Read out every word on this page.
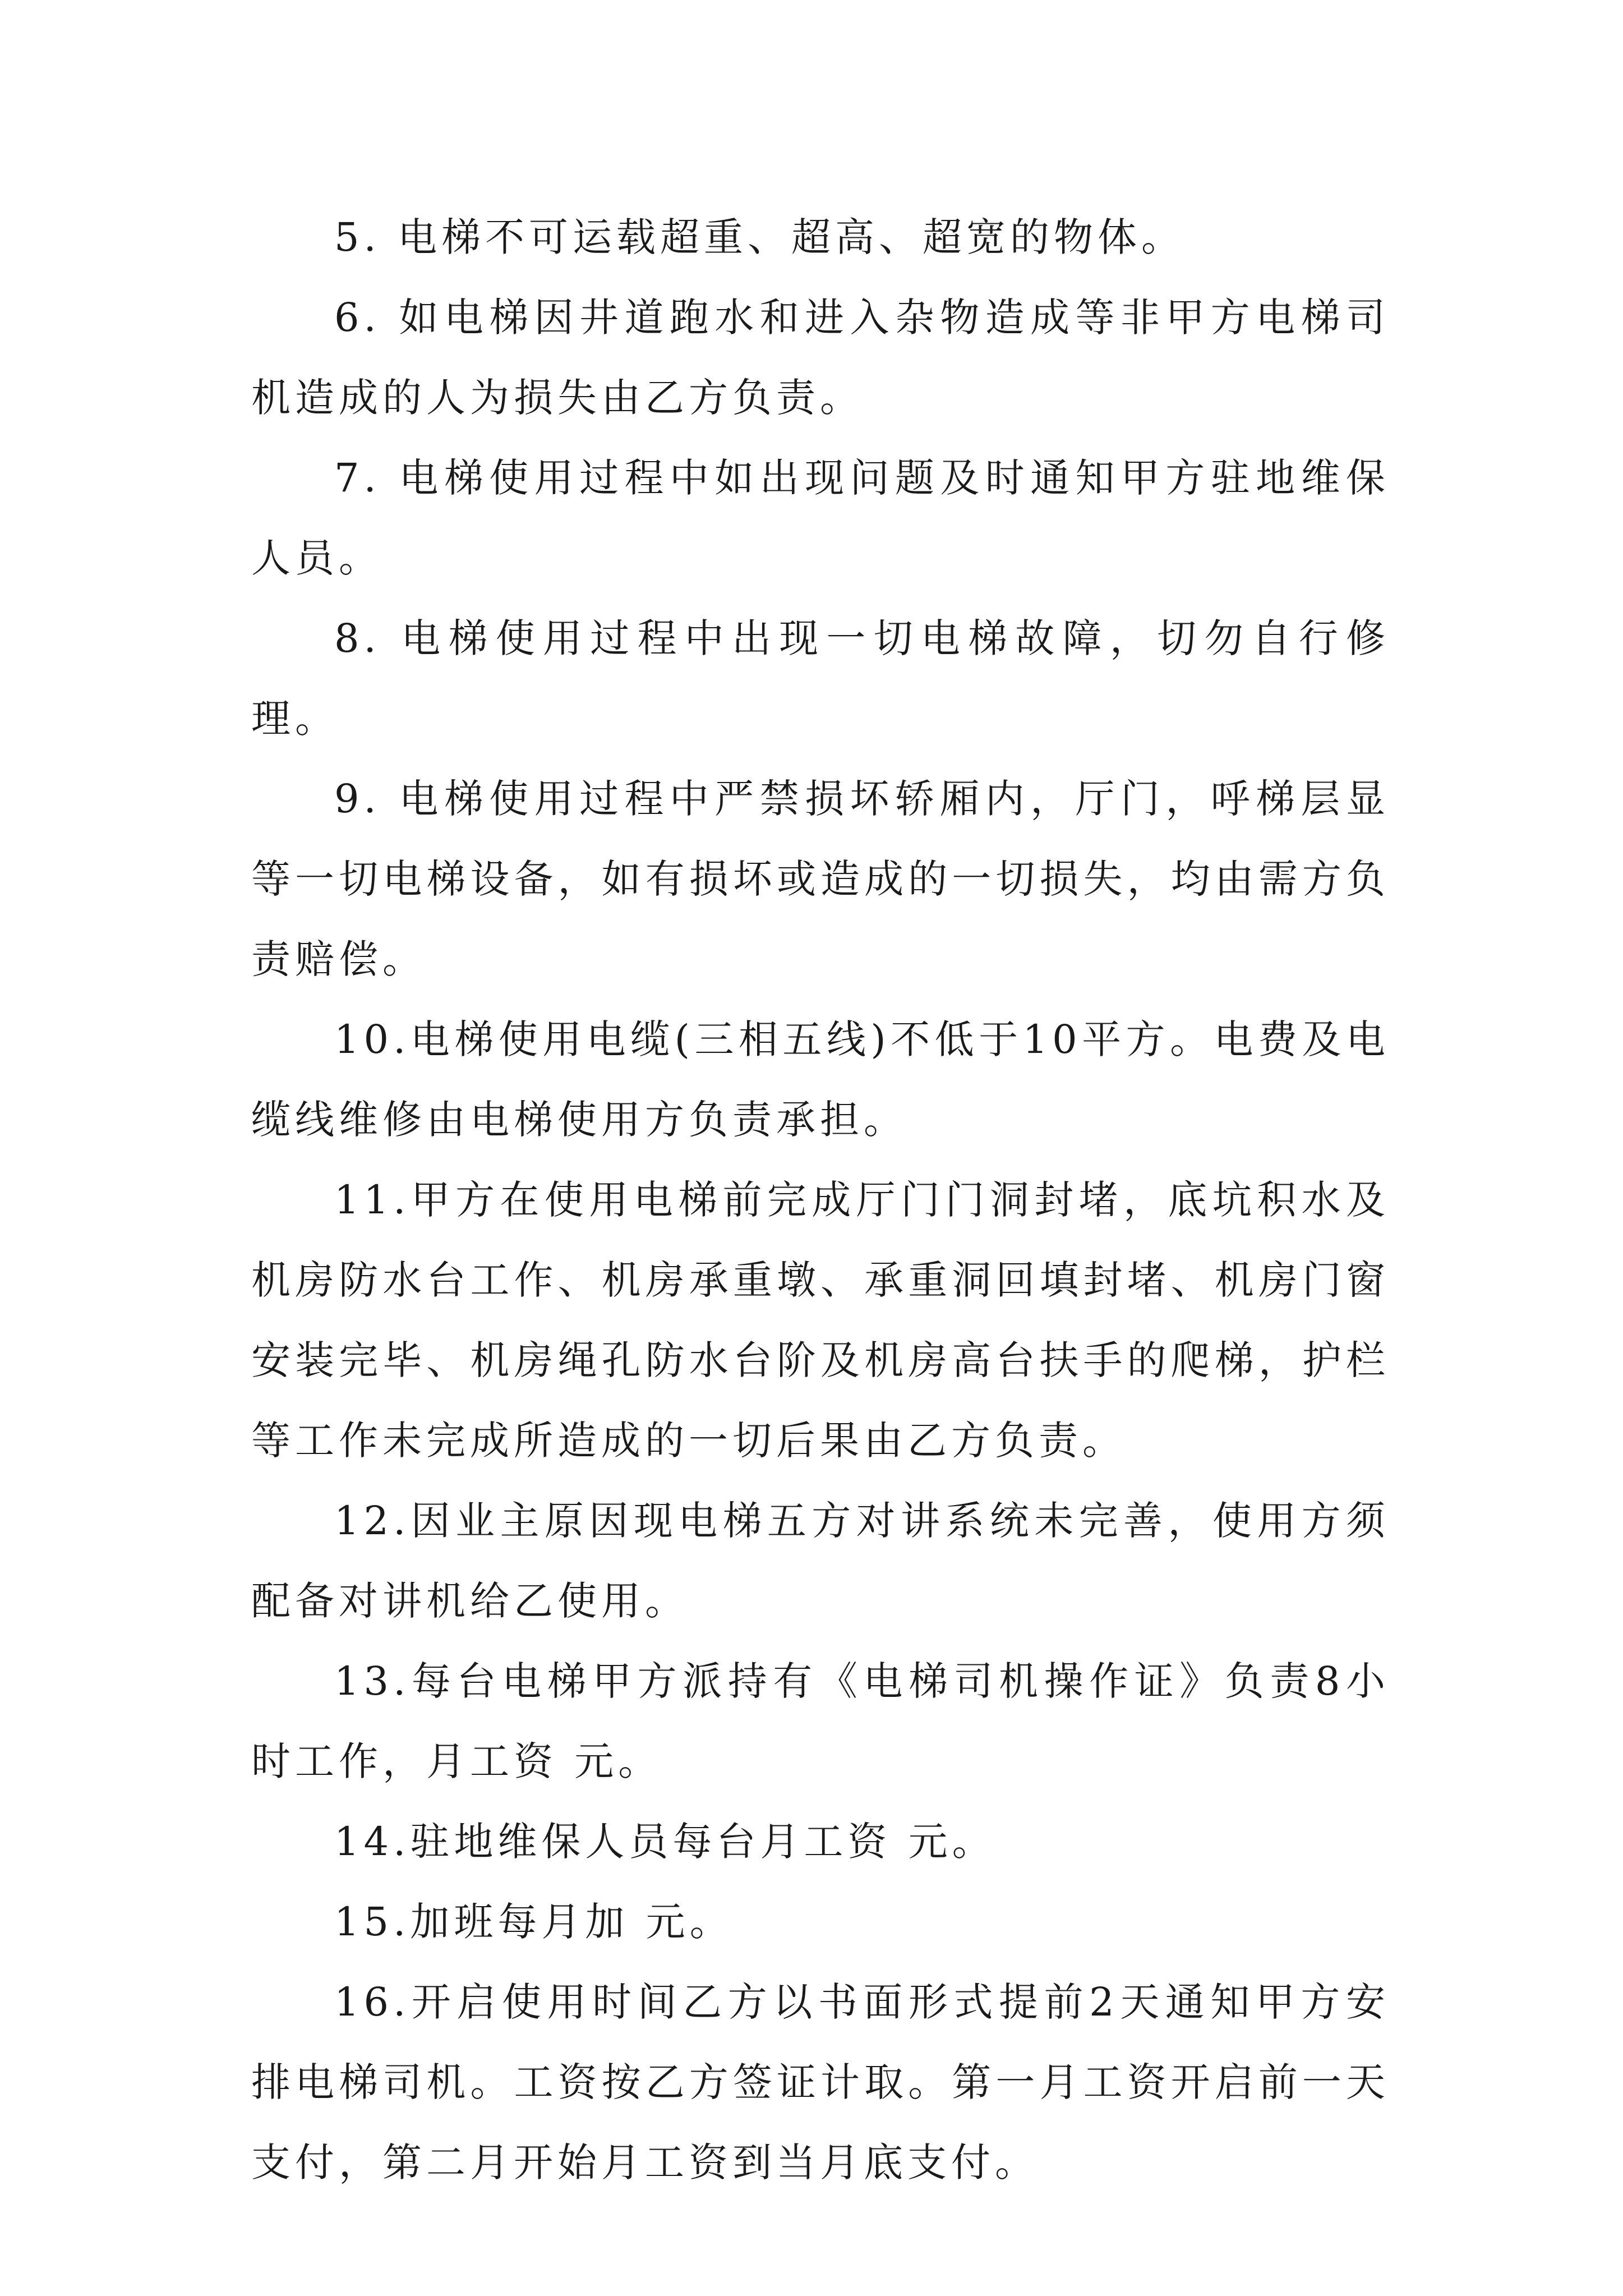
5. 电梯不可运载超重、超高、超宽的物体。

6. 如电梯因井道跑水和进入杂物造成等非甲方电梯司机造成的人为损失由乙方负责。

7. 电梯使用过程中如出现问题及时通知甲方驻地维保人员。

8. 电梯使用过程中出现一切电梯故障，切勿自行修理。

9. 电梯使用过程中严禁损坏轿厢内，厅门，呼梯层显等一切电梯设备，如有损坏或造成的一切损失，均由需方负责赔偿。

10.电梯使用电缆(三相五线)不低于10平方。电费及电缆线维修由电梯使用方负责承担。

11.甲方在使用电梯前完成厅门门洞封堵，底坑积水及机房防水台工作、机房承重墩、承重洞回填封堵、机房门窗安装完毕、机房绳孔防水台阶及机房高台扶手的爬梯，护栏等工作未完成所造成的一切后果由乙方负责。

12.因业主原因现电梯五方对讲系统未完善，使用方须配备对讲机给乙使用。

13.每台电梯甲方派持有《电梯司机操作证》负责8小时工作，月工资 元。

14.驻地维保人员每台月工资 元。

15.加班每月加 元。

16.开启使用时间乙方以书面形式提前2天通知甲方安排电梯司机。工资按乙方签证计取。第一月工资开启前一天支付，第二月开始月工资到当月底支付。
